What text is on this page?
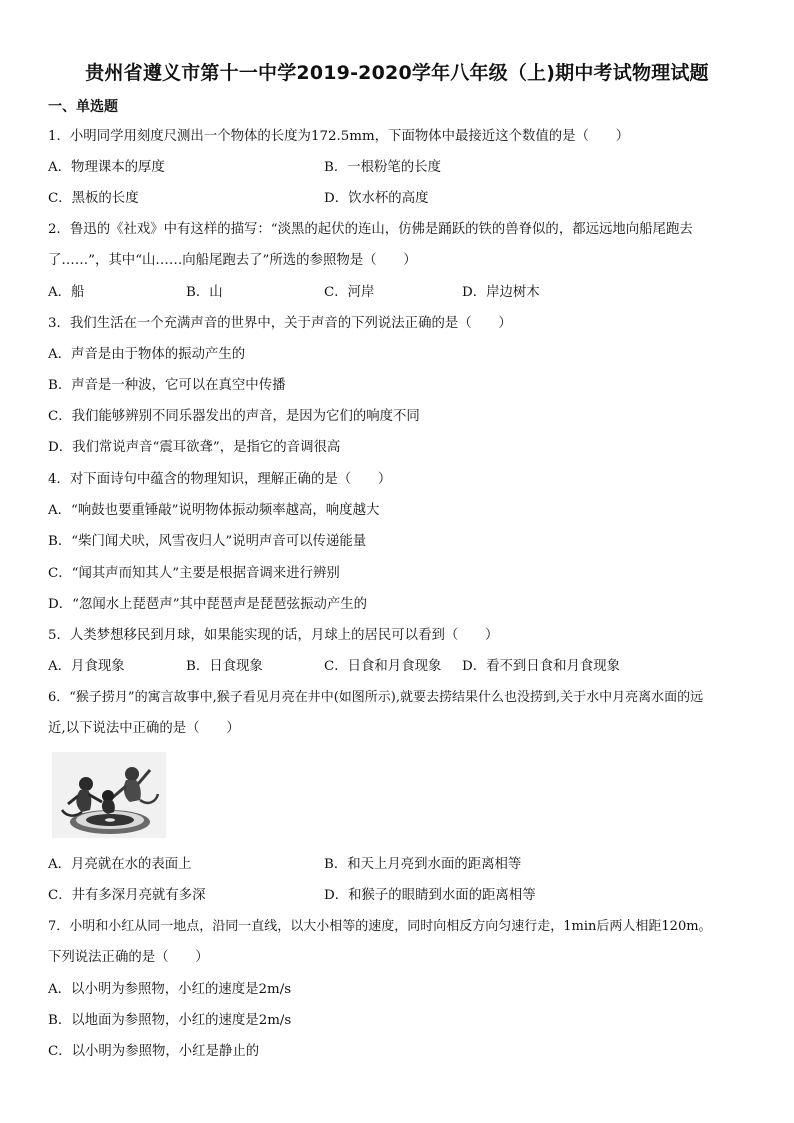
贵州省遵义市第十一中学2019-2020学年八年级（上)期中考试物理试题
一、单选题
1．小明同学用刻度尺测出一个物体的长度为172.5mm，下面物体中最接近这个数值的是（　　）
A．物理课本的厚度	B．一根粉笔的长度
C．黑板的长度	D．饮水杯的高度
2．鲁迅的《社戏》中有这样的描写：“淡黑的起伏的连山，仿佛是踊跃的铁的兽脊似的，都远远地向船尾跑去
了……”，其中“山……向船尾跑去了”所选的参照物是（　　）
A．船	B．山	C．河岸	D．岸边树木
3．我们生活在一个充满声音的世界中，关于声音的下列说法正确的是（　　）
A．声音是由于物体的振动产生的
B．声音是一种波，它可以在真空中传播
C．我们能够辨别不同乐器发出的声音，是因为它们的响度不同
D．我们常说声音“震耳欲聋”，是指它的音调很高
4．对下面诗句中蕴含的物理知识，理解正确的是（　　）
A．“响鼓也要重锤敲”说明物体振动频率越高，响度越大
B．“柴门闻犬吠，风雪夜归人”说明声音可以传递能量
C．“闻其声而知其人”主要是根据音调来进行辨别
D．“忽闻水上琵琶声”其中琵琶声是琵琶弦振动产生的
5．人类梦想移民到月球，如果能实现的话，月球上的居民可以看到（　　）
A．月食现象	B．日食现象	C．日食和月食现象 D．看不到日食和月食现象
6．“猴子捞月”的寓言故事中,猴子看见月亮在井中(如图所示),就要去捞结果什么也没捞到,关于水中月亮离水面的远
近,以下说法中正确的是（　　）
A．月亮就在水的表面上	B．和天上月亮到水面的距离相等
C．井有多深月亮就有多深	D．和猴子的眼睛到水面的距离相等
7．小明和小红从同一地点，沿同一直线，以大小相等的速度，同时向相反方向匀速行走，1min后两人相距120m。
下列说法正确的是（　　）
A．以小明为参照物，小红的速度是2m/s
B．以地面为参照物，小红的速度是2m/s
C．以小明为参照物，小红是静止的
